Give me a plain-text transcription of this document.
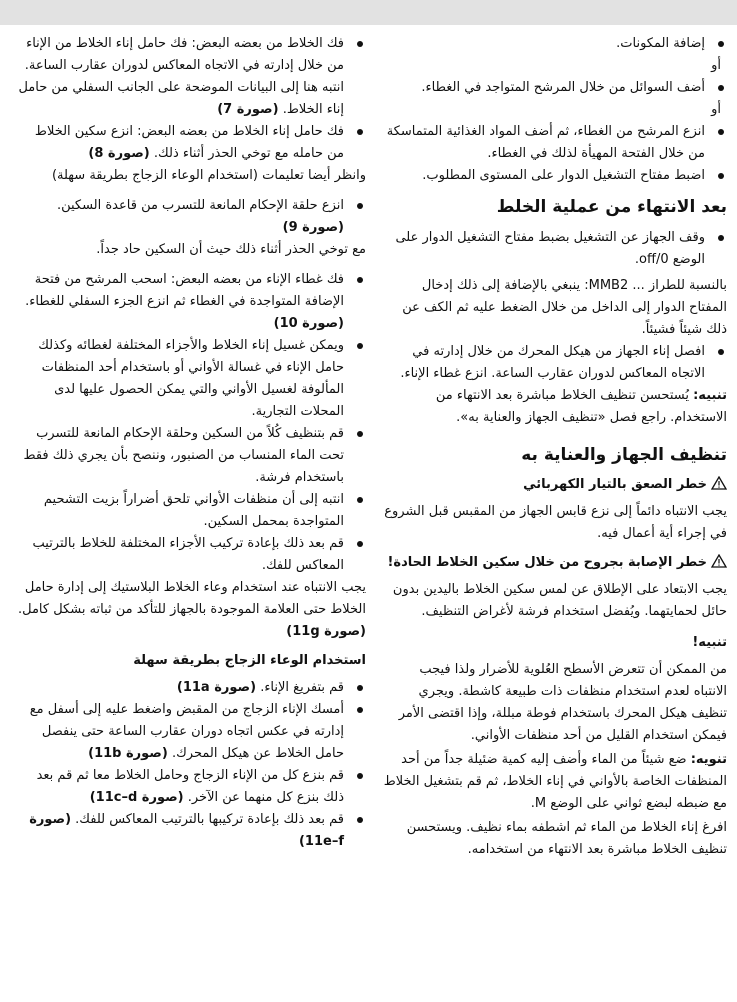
إضافة المكونات.

أو

أضف السوائل من خلال المرشح المتواجد في الغطاء.

أو

انزع المرشح من الغطاء، ثم أضف المواد الغذائية المتماسكة من خلال الفتحة المهيأة لذلك في الغطاء.

اضبط مفتاح التشغيل الدوار على المستوى المطلوب.

بعد الانتهاء من عملية الخلط

وقف الجهاز عن التشغيل بضبط مفتاح التشغيل الدوار على الوضع off/0.

بالنسبة للطراز ... MMB2: ينبغي بالإضافة إلى ذلك إدخال المفتاح الدوار إلى الداخل من خلال الضغط عليه ثم الكف عن ذلك شيئاً فشيئاً.

افصل إناء الجهاز من هيكل المحرك من خلال إدارته في الاتجاه المعاكس لدوران عقارب الساعة. انزع غطاء الإناء.

تنبيه: يُستحسن تنظيف الخلاط مباشرة بعد الانتهاء من الاستخدام. راجع فصل «تنظيف الجهاز والعناية به».

تنظيف الجهاز والعناية به
خطر الصعق بالتيار الكهربائي

يجب الانتباه دائماً إلى نزع قابس الجهاز من المقبس قبل الشروع في إجراء أية أعمال فيه.

خطر الإصابة بجروح من خلال سكين الخلاط الحادة!

يجب الابتعاد على الإطلاق عن لمس سكين الخلاط باليدين بدون حائل لحمايتهما. ويُفضل استخدام فرشة لأغراض التنظيف.

تنبيه!

من الممكن أن تتعرض الأسطح العُلوية للأضرار ولذا فيجب الانتباه لعدم استخدام منظفات ذات طبيعة كاشطة. ويجري تنظيف هيكل المحرك باستخدام فوطة مبللة، وإذا اقتضى الأمر فيمكن استخدام القليل من أحد منظفات الأواني.

تنويه: ضع شيئاً من الماء وأضف إليه كمية ضئيلة جداً من أحد المنظفات الخاصة بالأواني في إناء الخلاط، ثم قم بتشغيل الخلاط مع ضبطه لبضع ثواني على الوضع M.

افرغ إناء الخلاط من الماء ثم اشطفه بماء نظيف. ويستحسن تنظيف الخلاط مباشرة بعد الانتهاء من استخدامه.

فك الخلاط من بعضه البعض: فك حامل إناء الخلاط من الإناء من خلال إدارته في الاتجاه المعاكس لدوران عقارب الساعة. انتبه هنا إلى البيانات الموضحة على الجانب السفلي من حامل إناء الخلاط. (صورة 7)

فك حامل إناء الخلاط من بعضه البعض: انزع سكين الخلاط من حامله مع توخي الحذر أثناء ذلك. (صورة 8)

وانظر أيضا تعليمات (استخدام الوعاء الزجاج بطريقة سهلة)

انزع حلقة الإحكام المانعة للتسرب من قاعدة السكين. (صورة 9)

مع توخي الحذر أثناء ذلك حيث أن السكين حاد جداً.

فك غطاء الإناء من بعضه البعض: اسحب المرشح من فتحة الإضافة المتواجدة في الغطاء ثم انزع الجزء السفلي للغطاء. (صورة 10)

ويمكن غسيل إناء الخلاط والأجزاء المختلفة لغطائه وكذلك حامل الإناء في غسالة الأواني أو باستخدام أحد المنظفات المألوفة لغسيل الأواني والتي يمكن الحصول عليها لدى المحلات التجارية.

قم بتنظيف كُلاً من السكين وحلقة الإحكام المانعة للتسرب تحت الماء المنساب من الصنبور، وننصح بأن يجري ذلك فقط باستخدام فرشة.

انتبه إلى أن منظفات الأواني تلحق أضراراً بزيت التشحيم المتواجدة بمحمل السكين.

قم بعد ذلك بإعادة تركيب الأجزاء المختلفة للخلاط بالترتيب المعاكس للفك.

يجب الانتباه عند استخدام وعاء الخلاط البلاستيك إلى إدارة حامل الخلاط حتى العلامة الموجودة بالجهاز للتأكد من ثباته بشكل كامل. (صورة 11g)

استخدام الوعاء الزجاج بطريقة سهلة

قم بتفريغ الإناء. (صورة 11a)

أمسك الإناء الزجاج من المقبض واضغط عليه إلى أسفل مع إدارته في عكس اتجاه دوران عقارب الساعة حتى ينفصل حامل الخلاط عن هيكل المحرك. (صورة 11b)

قم بنزع كل من الإناء الزجاج وحامل الخلاط معا ثم قم بعد ذلك بنزع كل منهما عن الآخر. (صورة 11c–d)

قم بعد ذلك بإعادة تركيبها بالترتيب المعاكس للفك. (صورة 11e–f)
